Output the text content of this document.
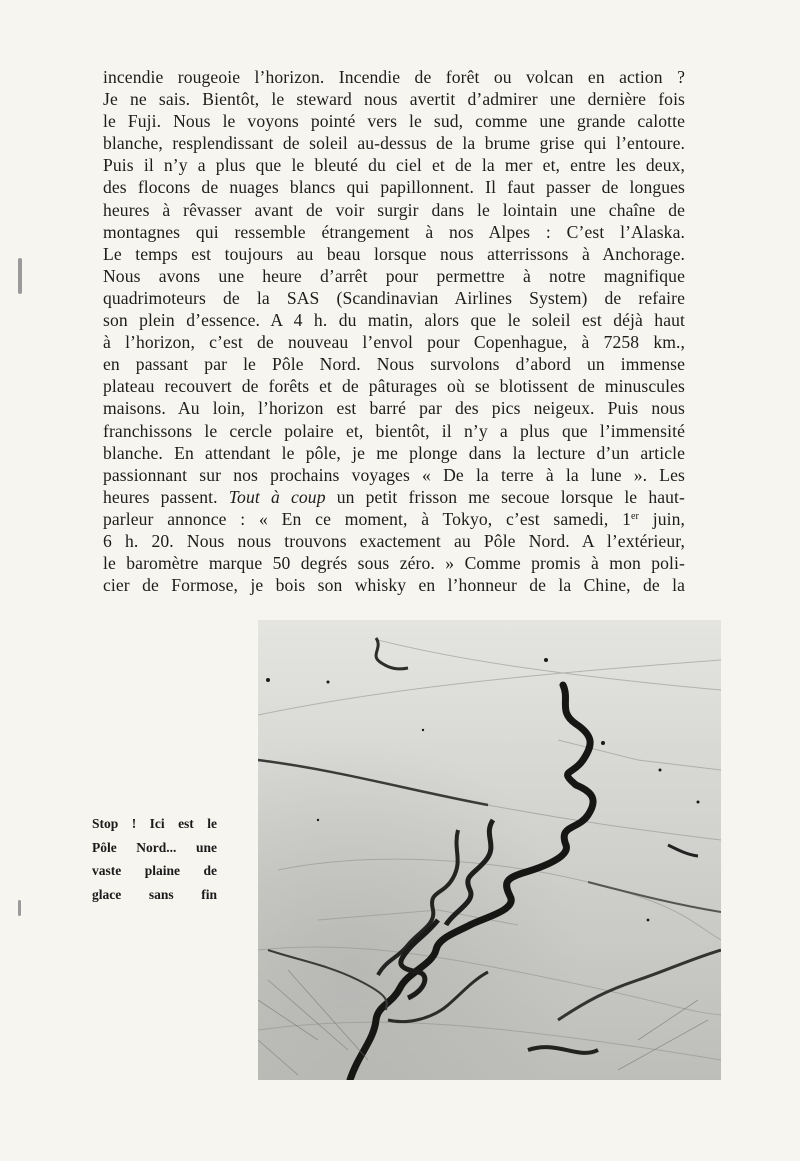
incendie rougeoie l’horizon. Incendie de forêt ou volcan en action ?

Je ne sais. Bientôt, le steward nous avertit d’admirer une dernière fois

le Fuji. Nous le voyons pointé vers le sud, comme une grande calotte

blanche, resplendissant de soleil au-dessus de la brume grise qui l’entoure.

Puis il n’y a plus que le bleuté du ciel et de la mer et, entre les deux,

des flocons de nuages blancs qui papillonnent. Il faut passer de longues

heures à rêvasser avant de voir surgir dans le lointain une chaîne de

montagnes qui ressemble étrangement à nos Alpes : C’est l’Alaska.

Le temps est toujours au beau lorsque nous atterrissons à Anchorage.

Nous avons une heure d’arrêt pour permettre à notre magnifique

quadrimoteurs de la SAS (Scandinavian Airlines System) de refaire

son plein d’essence. A 4 h. du matin, alors que le soleil est déjà haut

à l’horizon, c’est de nouveau l’envol pour Copenhague, à 7258 km.,

en passant par le Pôle Nord. Nous survolons d’abord un immense

plateau recouvert de forêts et de pâturages où se blotissent de minuscules

maisons. Au loin, l’horizon est barré par des pics neigeux. Puis nous

franchissons le cercle polaire et, bientôt, il n’y a plus que l’immensité

blanche. En attendant le pôle, je me plonge dans la lecture d’un article

passionnant sur nos prochains voyages « De la terre à la lune ». Les

heures passent. Tout à coup un petit frisson me secoue lorsque le haut-

parleur annonce : « En ce moment, à Tokyo, c’est samedi, 1er juin,

6 h. 20. Nous nous trouvons exactement au Pôle Nord. A l’extérieur,

le baromètre marque 50 degrés sous zéro. » Comme promis à mon poli-

cier de Formose, je bois son whisky en l’honneur de la Chine, de la

Stop ! Ici est le
Pôle Nord... une
vaste plaine de
glace sans fin
